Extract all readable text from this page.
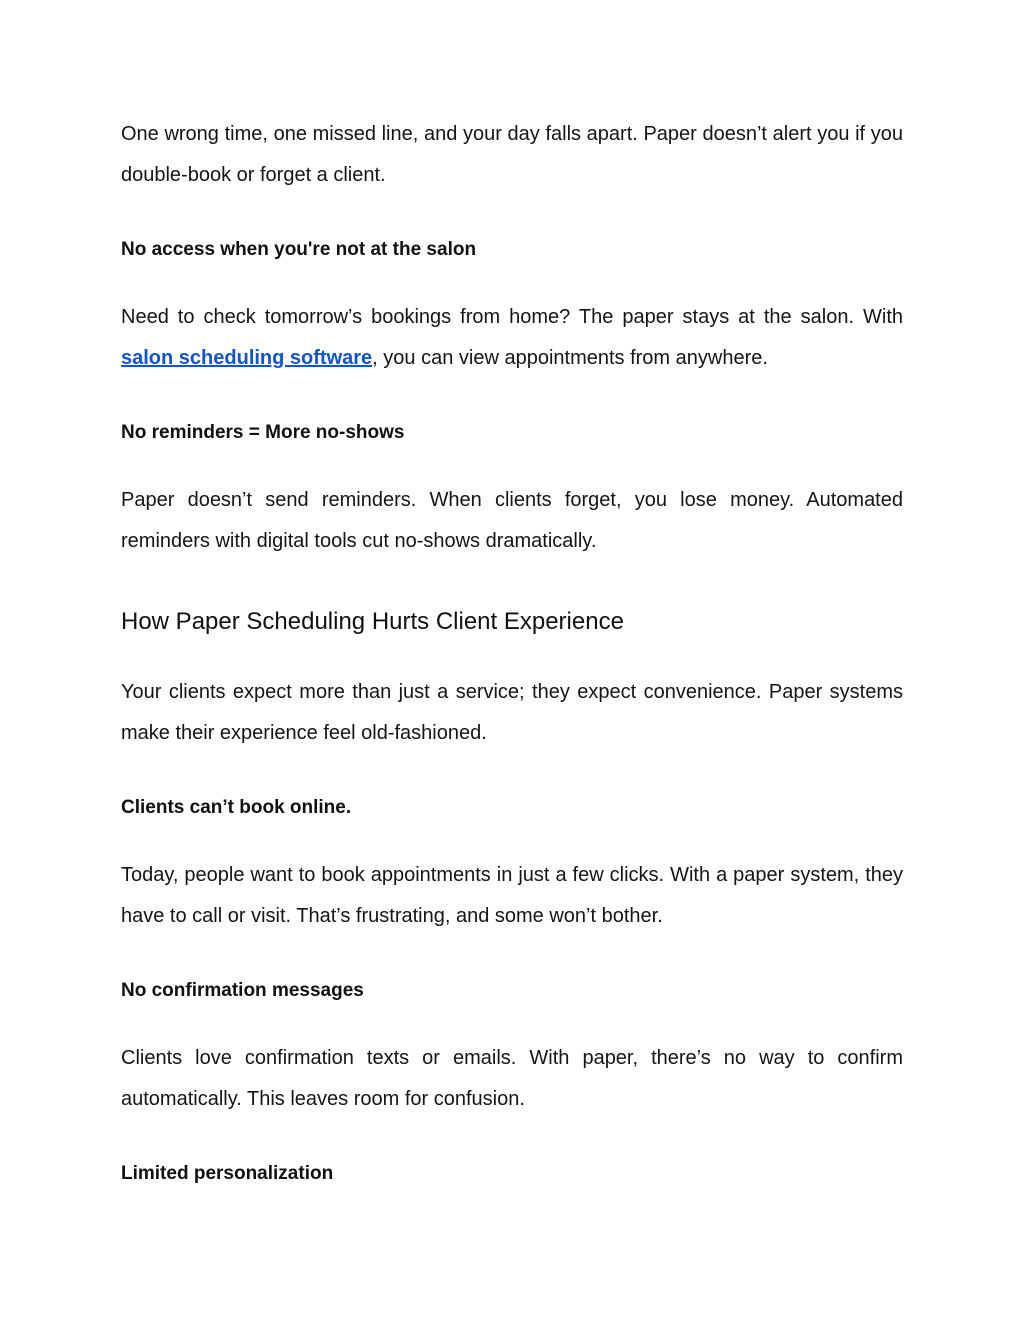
One wrong time, one missed line, and your day falls apart. Paper doesn’t alert you if you double-book or forget a client.

No access when you're not at the salon

Need to check tomorrow’s bookings from home? The paper stays at the salon. With salon scheduling software, you can view appointments from anywhere.

No reminders = More no-shows

Paper doesn’t send reminders. When clients forget, you lose money. Automated reminders with digital tools cut no-shows dramatically.

How Paper Scheduling Hurts Client Experience

Your clients expect more than just a service; they expect convenience. Paper systems make their experience feel old-fashioned.

Clients can’t book online.

Today, people want to book appointments in just a few clicks. With a paper system, they have to call or visit. That’s frustrating, and some won’t bother.

No confirmation messages

Clients love confirmation texts or emails. With paper, there’s no way to confirm automatically. This leaves room for confusion.

Limited personalization
